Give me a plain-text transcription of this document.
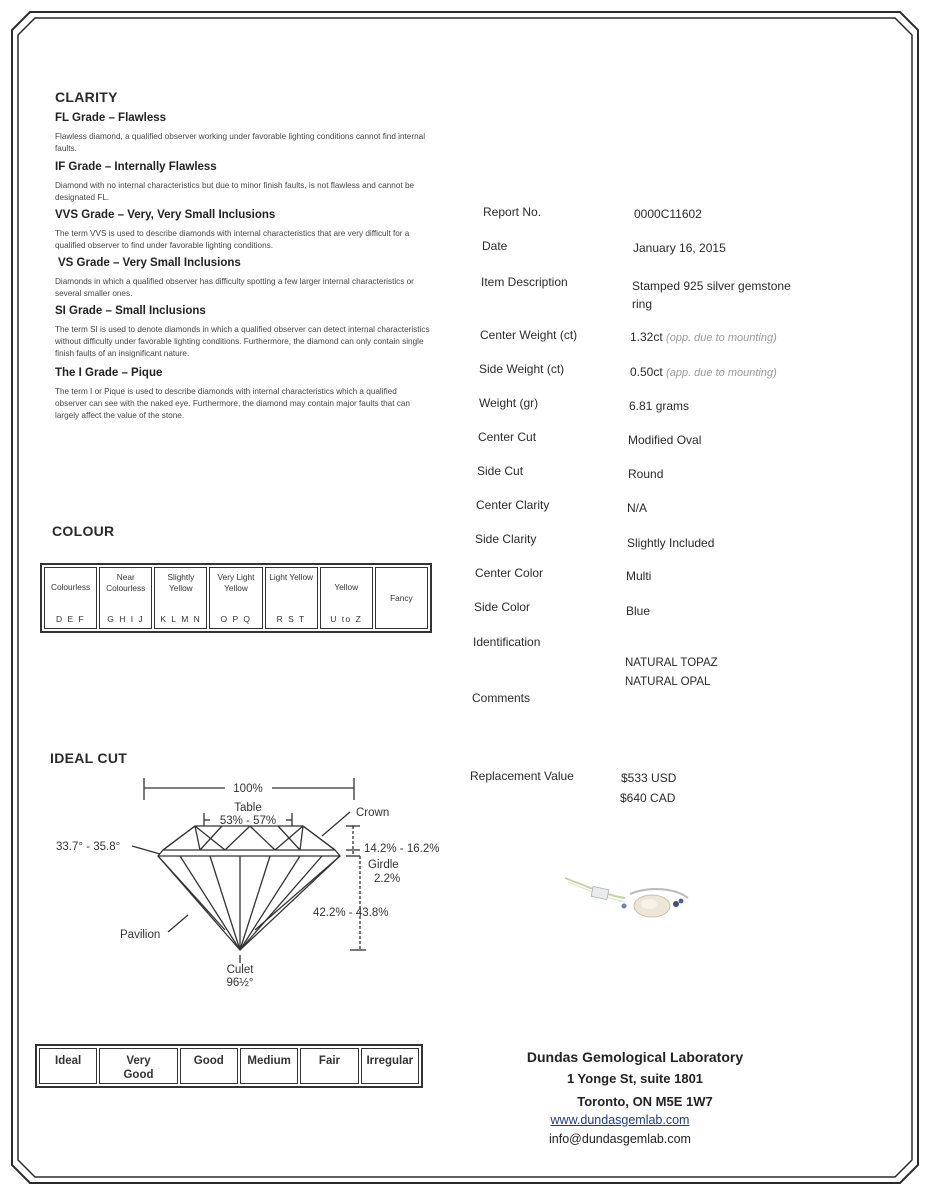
CLARITY
FL Grade – Flawless
Flawless diamond, a qualified observer working under favorable lighting conditions cannot find internal faults.
IF Grade – Internally Flawless
Diamond with no internal characteristics but due to minor finish faults, is not flawless and cannot be designated FL.
VVS Grade – Very, Very Small Inclusions
The term VVS is used to describe diamonds with internal characteristics that are very difficult for a qualified observer to find under favorable lighting conditions.
VS Grade – Very Small Inclusions
Diamonds in which a qualified observer has difficulty spotting a few larger internal characteristics or several smaller ones.
SI Grade – Small Inclusions
The term SI is used to denote diamonds in which a qualified observer can detect internal characteristics without difficulty under favorable lighting conditions. Furthermore, the diamond can only contain single finish faults of an insignificant nature.
The I Grade – Pique
The term I or Pique is used to describe diamonds with internal characteristics which a qualified observer can see with the naked eye. Furthermore, the diamond may contain major faults that can largely affect the value of the stone.
COLOUR
Colourless
D E F
Near Colourless
G H I J
Slightly Yellow
K L M N
Very Light Yellow
O P Q
Light Yellow
R S T
Yellow
U to Z
Fancy
IDEAL CUT
100%
Table
53% - 57%
Crown
33.7° - 35.8°	14.2% - 16.2%
Girdle
2.2%
42.2% - 43.8%
Pavilion
Culet
96½°
Ideal	Very Good
Good	Medium	Fair	Irregular
Report No.	0000C11602
Date	January 16, 2015
Item Description	Stamped 925 silver gemstone ring
Center Weight (ct)	1.32ct (opp. due to mounting)
Side Weight (ct)	0.50ct (app. due to mounting)
Weight (gr)	6.81 grams
Center Cut	Modified Oval
Side Cut	Round
Center Clarity	N/A
Side Clarity	Slightly Included
Center Color	Multi
Side Color	Blue
Identification
NATURAL TOPAZ
NATURAL OPAL
Comments
Replacement Value	$533 USD
$640 CAD
Dundas Gemological Laboratory
1 Yonge St, suite 1801
Toronto, ON M5E 1W7
www.dundasgemlab.com
info@dundasgemlab.com
